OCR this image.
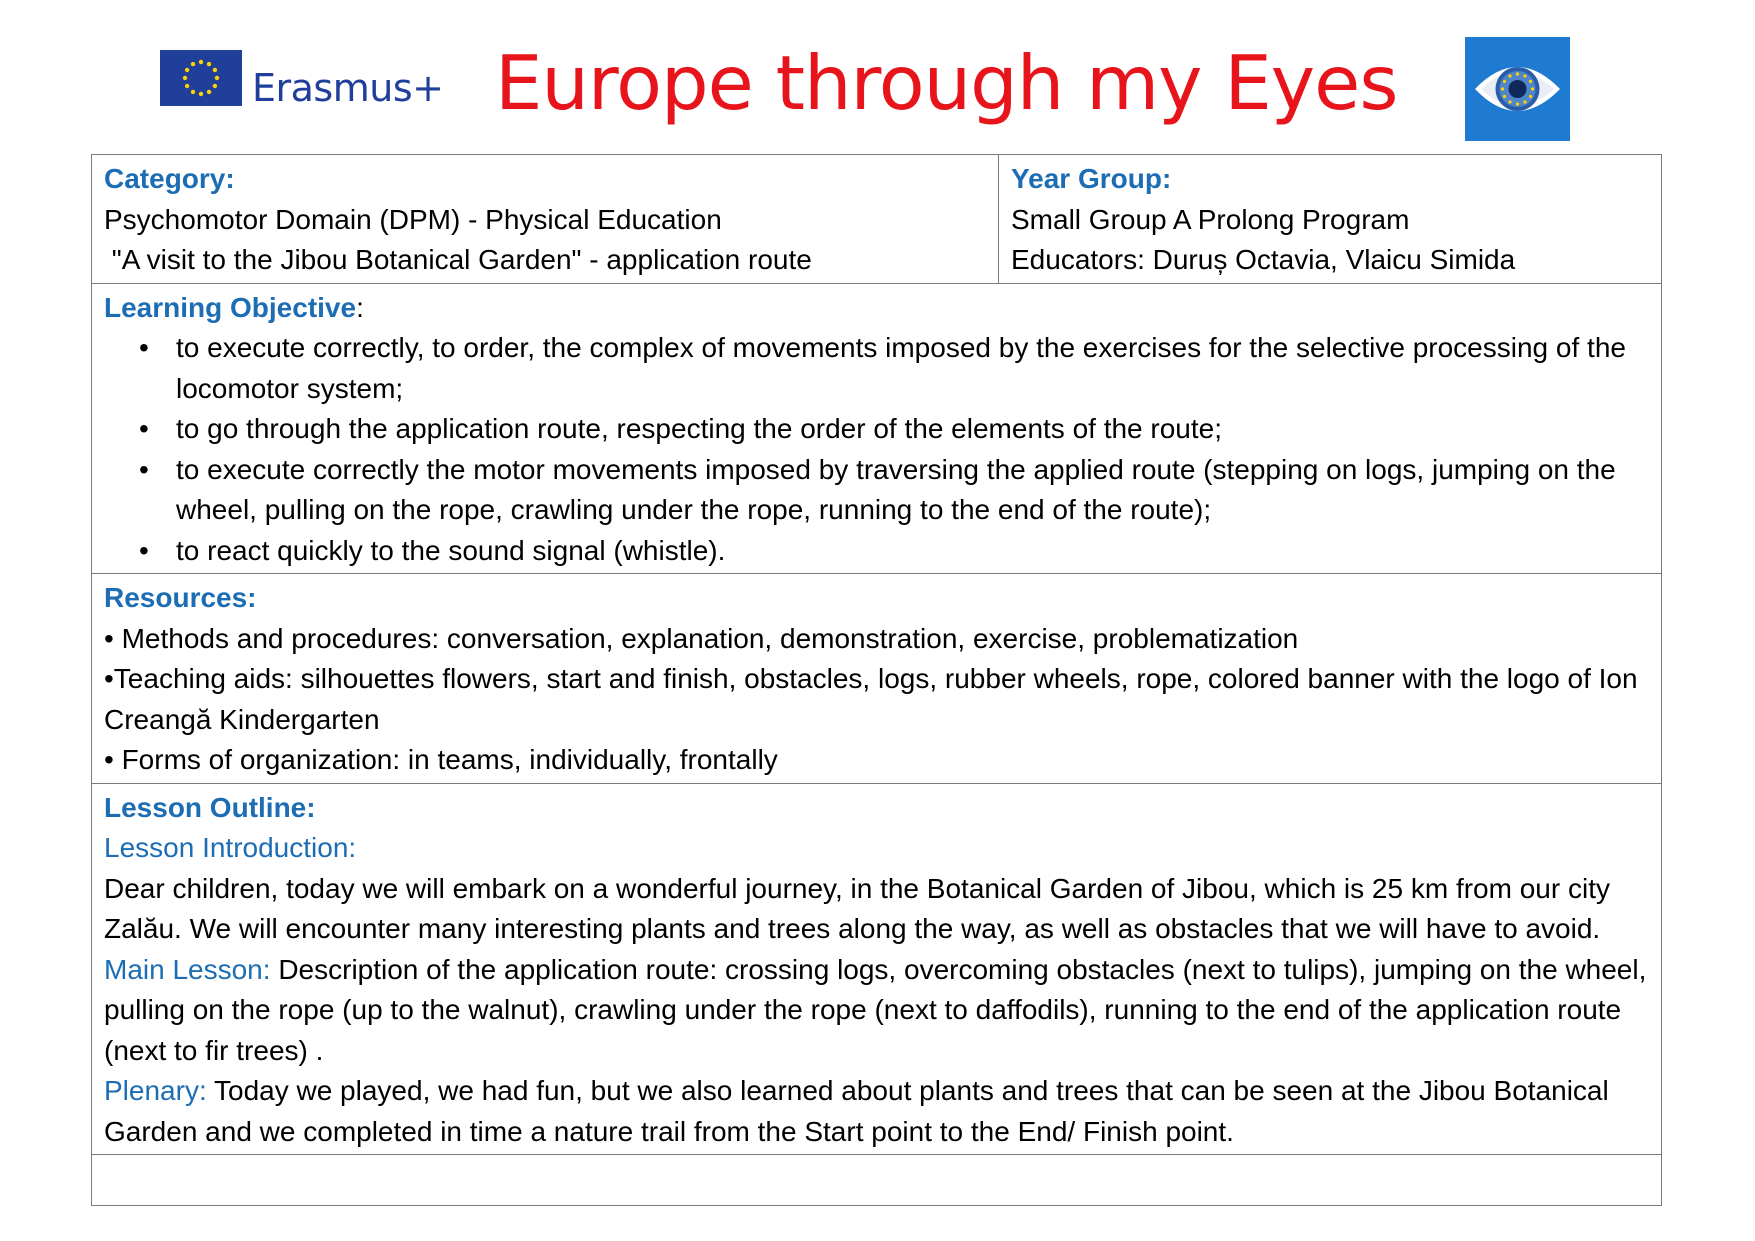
Erasmus+ Europe through my Eyes
Category:
Psychomotor Domain (DPM) - Physical Education
"A visit to the Jibou Botanical Garden" - application route

Year Group:
Small Group A Prolong Program
Educators: Duruș Octavia, Vlaicu Simida

Learning Objective:
• to execute correctly, to order, the complex of movements imposed by the exercises for the selective processing of the locomotor system;
• to go through the application route, respecting the order of the elements of the route;
• to execute correctly the motor movements imposed by traversing the applied route (stepping on logs, jumping on the wheel, pulling on the rope, crawling under the rope, running to the end of the route);
• to react quickly to the sound signal (whistle).

Resources:
• Methods and procedures: conversation, explanation, demonstration, exercise, problematization
•Teaching aids: silhouettes flowers, start and finish, obstacles, logs, rubber wheels, rope, colored banner with the logo of Ion Creangă Kindergarten
• Forms of organization: in teams, individually, frontally

Lesson Outline:
Lesson Introduction:
Dear children, today we will embark on a wonderful journey, in the Botanical Garden of Jibou, which is 25 km from our city Zalău. We will encounter many interesting plants and trees along the way, as well as obstacles that we will have to avoid.
Main Lesson: Description of the application route: crossing logs, overcoming obstacles (next to tulips), jumping on the wheel, pulling on the rope (up to the walnut), crawling under the rope (next to daffodils), running to the end of the application route (next to fir trees) .
Plenary: Today we played, we had fun, but we also learned about plants and trees that can be seen at the Jibou Botanical Garden and we completed in time a nature trail from the Start point to the End/ Finish point.
